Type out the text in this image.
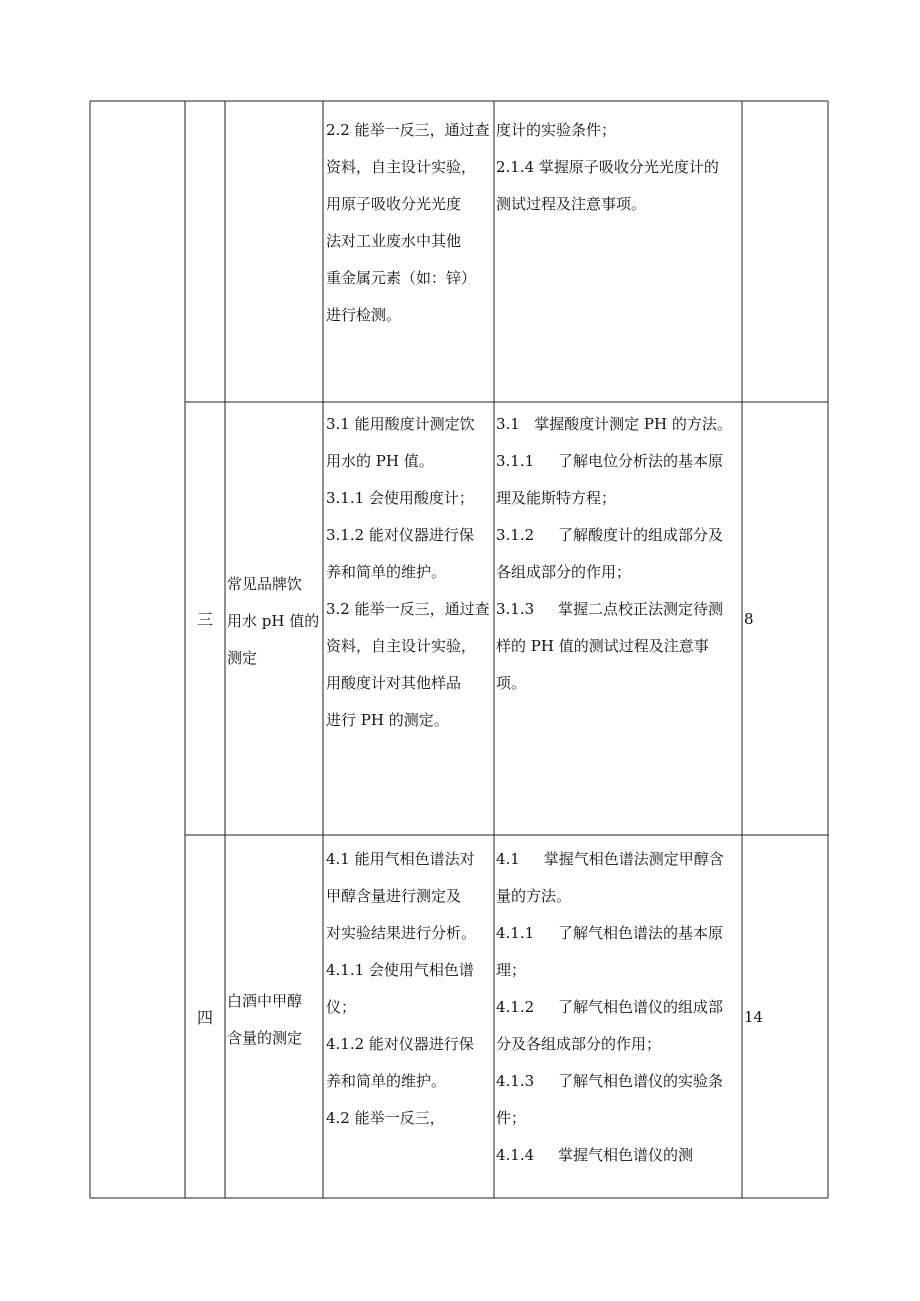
2.2 能举一反三，通过查
资料，自主设计实验，
用原子吸收分光光度
法对工业废水中其他
重金属元素（如：锌）
进行检测。
度计的实验条件；
2.1.4 掌握原子吸收分光光度计的
测试过程及注意事项。
三
常见品牌饮
用水 pH 值的
测定
3.1 能用酸度计测定饮
用水的 PH 值。
3.1.1 会使用酸度计；
3.1.2 能对仪器进行保
养和简单的维护。
3.2 能举一反三，通过查
资料，自主设计实验，
用酸度计对其他样品
进行 PH 的测定。
3.1   掌握酸度计测定 PH 的方法。
3.1.1     了解电位分析法的基本原
理及能斯特方程；
3.1.2     了解酸度计的组成部分及
各组成部分的作用；
3.1.3     掌握二点校正法测定待测
样的 PH 值的测试过程及注意事
项。
8
四
白酒中甲醇
含量的测定
4.1 能用气相色谱法对
甲醇含量进行测定及
对实验结果进行分析。
4.1.1 会使用气相色谱
仪；
4.1.2 能对仪器进行保
养和简单的维护。
4.2 能举一反三，
4.1     掌握气相色谱法测定甲醇含
量的方法。
4.1.1     了解气相色谱法的基本原
理；
4.1.2     了解气相色谱仪的组成部
分及各组成部分的作用；
4.1.3     了解气相色谱仪的实验条
件；
4.1.4     掌握气相色谱仪的测
14
